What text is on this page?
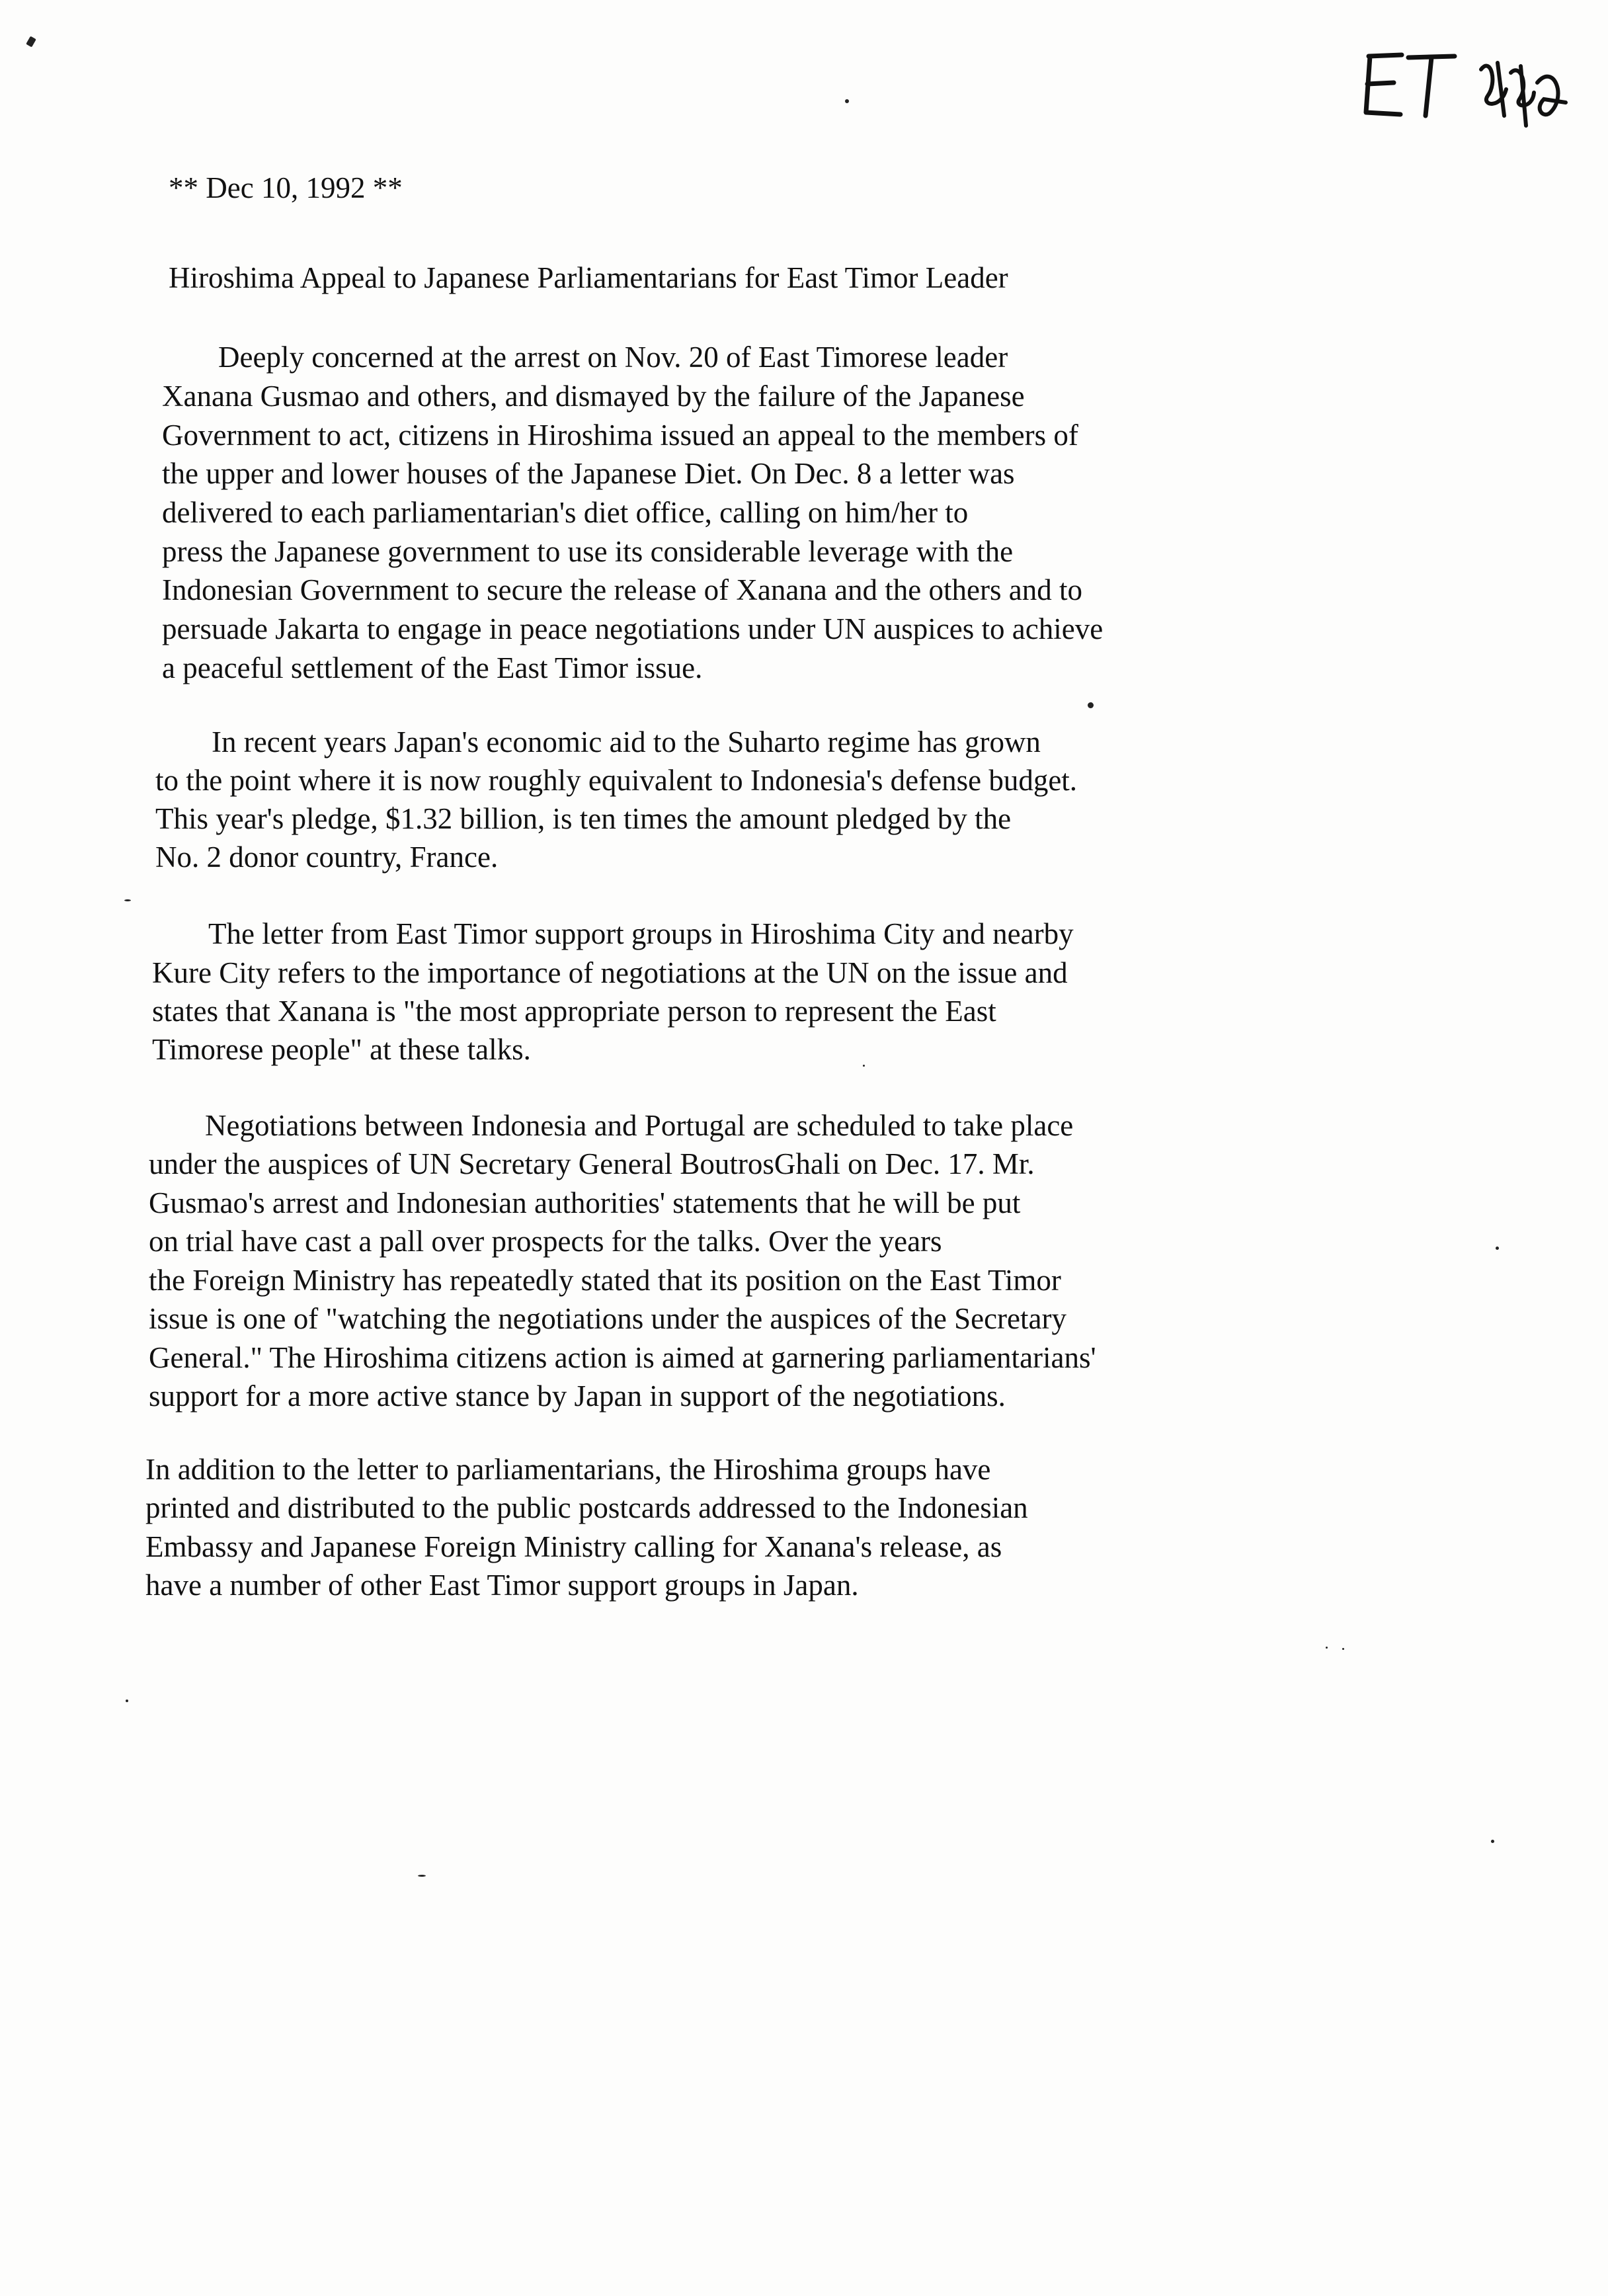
** Dec 10, 1992 **
Hiroshima Appeal to Japanese Parliamentarians for East Timor Leader
Deeply concerned at the arrest on Nov. 20 of East Timorese leader
Xanana Gusmao and others, and dismayed by the failure of the Japanese
Government to act, citizens in Hiroshima issued an appeal to the members of
the upper and lower houses of the Japanese Diet. On Dec. 8 a letter was
delivered to each parliamentarian's diet office, calling on him/her to
press the Japanese government to use its considerable leverage with the
Indonesian Government to secure the release of Xanana and the others and to
persuade Jakarta to engage in peace negotiations under UN auspices to achieve
a peaceful settlement of the East Timor issue.
In recent years Japan's economic aid to the Suharto regime has grown
to the point where it is now roughly equivalent to Indonesia's defense budget.
This year's pledge, $1.32 billion, is ten times the amount pledged by the
No. 2 donor country, France.
The letter from East Timor support groups in Hiroshima City and nearby
Kure City refers to the importance of negotiations at the UN on the issue and
states that Xanana is "the most appropriate person to represent the East
Timorese people" at these talks.
Negotiations between Indonesia and Portugal are scheduled to take place
under the auspices of UN Secretary General BoutrosGhali on Dec. 17. Mr.
Gusmao's arrest and Indonesian authorities' statements that he will be put
on trial have cast a pall over prospects for the talks. Over the years
the Foreign Ministry has repeatedly stated that its position on the East Timor
issue is one of "watching the negotiations under the auspices of the Secretary
General." The Hiroshima citizens action is aimed at garnering parliamentarians'
support for a more active stance by Japan in support of the negotiations.
In addition to the letter to parliamentarians, the Hiroshima groups have
printed and distributed to the public postcards addressed to the Indonesian
Embassy and Japanese Foreign Ministry calling for Xanana's release, as
have a number of other East Timor support groups in Japan.
